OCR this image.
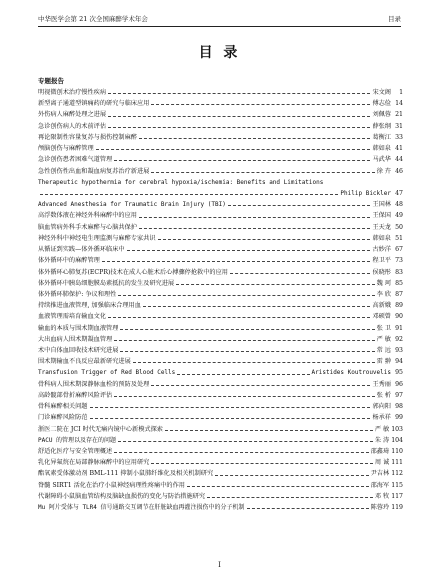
中华医学会第 21 次全国麻醉学术年会	目录
目 录
专题报告
明视微创术治疗慢性疾病	宋文阁	1
新型离子通道型镇痛药的研究与临床应用	傅志俭 14
外伤病人麻醉处理之进展	刘佩蓉 21
急诊创伤病人的术前评估	薛张纲 31
再论限制性容量复苏与损伤控制麻醉	葛衡江 33
颅脑创伤与麻醉管理	韩如泉 41
急诊创伤患者困难气道管理	马武华 44
急性创伤性出血和凝血病复苏治疗新进展	徐 卉 46
Therapeutic hypothermia for cerebral hypoxia/ischemia: Benefits and Limitations
Philip Bickler 47
Advanced Anesthesia for Traumatic Brain Injury (TBI)	王国林 48
高浮数体液在神经外科麻醉中的应用	王保国 49
脑血管病外科手术麻醉与心脑共保护	王天龙 50
神经外科中神经电生理监测与麻醉专家共识	韩如泉 51
从循证到实践—体外循环临床中	古妙洋 67
体外循环中的麻醉管理	程卫平 73
体外循环心肺复苏(ECPR)技术在成人心脏术后心搏骤停抢救中的应用	侯晓彤 83
体外循环中胰岛细胞膜岛素抵抗的发生及研究进展	魏 珂 85
体外循环肺保护: 争议和理性	李 欣 87
持续推进血液管理, 加强临床合理用血	高新娥 89
血液管理需培育输血文化	邓硕曾 90
输血的本质与围术期血液管理	张 卫 91
大出血病人围术期凝血管理	严 敏 92
术中自体血回收技术研究进展	常 远 93
围术期输血不良反应最新研究进展	雷 翀 94
Transfusion Trigger of Red Blood Cells	Aristides Koutrouvelis 95
骨科病人围术期深静脉血栓的预防及处理	王秀丽 96
高龄髋部骨折麻醉风险评估	张 析 97
骨科麻醉相关问题	郭向阳 98
门诊麻醉风险防范	杨承祥 99
浙医二院在 JCI 时代无痛内镜中心新模式探索	严 敏 103
PACU 的管理以及存在的问题	朱 涛 104
舒适化医疗与安全管理概述	邵鑫琦 110
乳化异氟烷在局部静脉麻醉中的应用研究	周 诚 111
酯氧素受体激动剂 BML-111 抑制小鼠肺纤维化及相关机制研究	尹吉林 112
脊髓 SIRT1 活化在治疗小鼠神经病理性疼痛中的作用	邵海军 115
代谢障碍小鼠脑血管结构及脑缺血损伤的变化与防治措施研究	邓 牧 117
Mu 阿片受体与 TLR4 信号通路交互调节在肝脏缺血再灌注损伤中的分子机制	陈蓉玲 119
I
